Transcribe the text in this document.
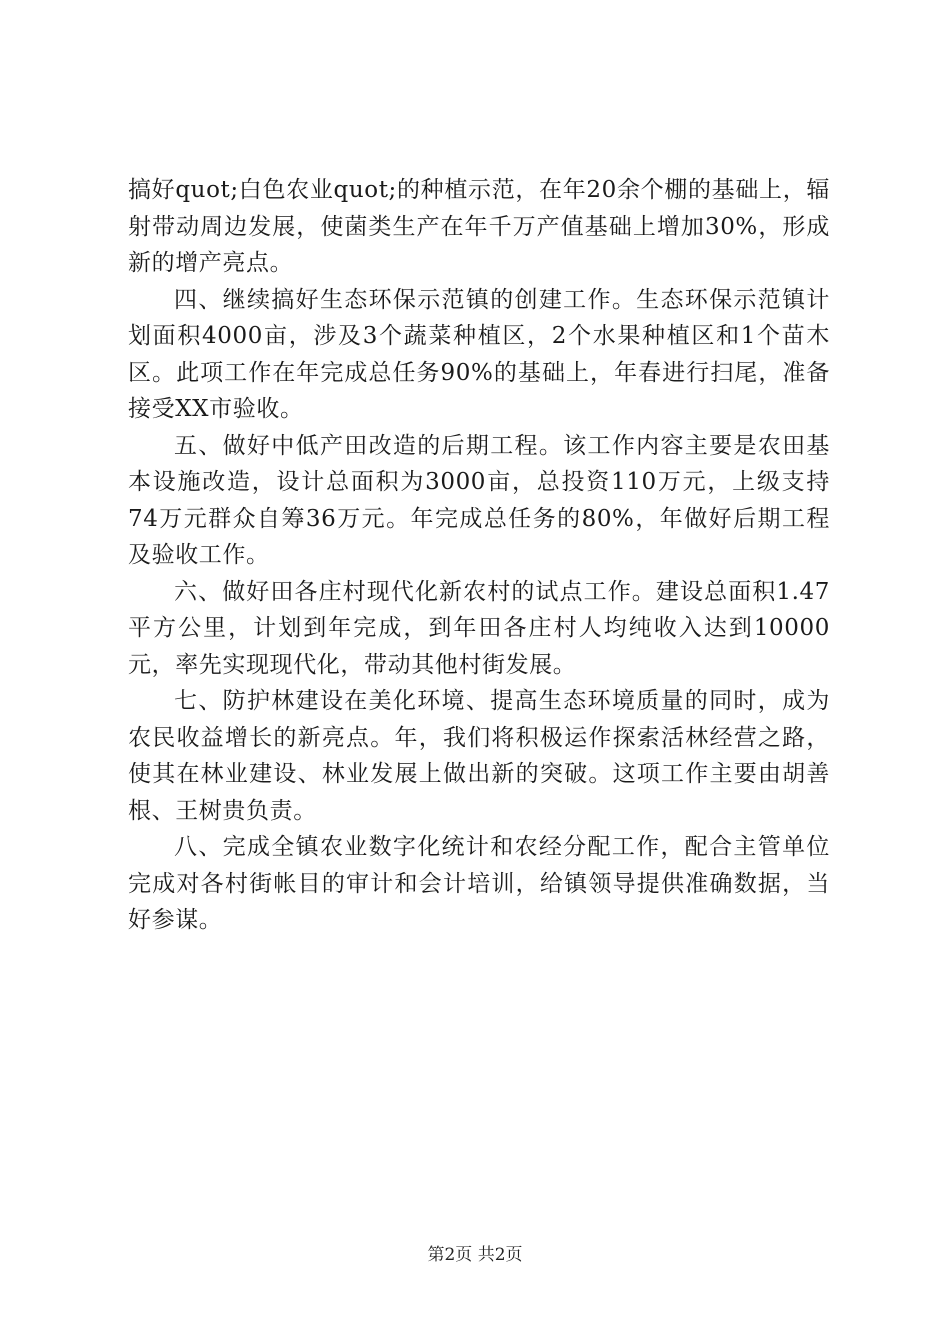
搞好quot;白色农业quot;的种植示范，在年20余个棚的基础上，辐射带动周边发展，使菌类生产在年千万产值基础上增加30%，形成新的增产亮点。

四、继续搞好生态环保示范镇的创建工作。生态环保示范镇计划面积4000亩，涉及3个蔬菜种植区，2个水果种植区和1个苗木区。此项工作在年完成总任务90%的基础上，年春进行扫尾，准备接受XX市验收。

五、做好中低产田改造的后期工程。该工作内容主要是农田基本设施改造，设计总面积为3000亩，总投资110万元，上级支持74万元群众自筹36万元。年完成总任务的80%，年做好后期工程及验收工作。

六、做好田各庄村现代化新农村的试点工作。建设总面积1.47平方公里，计划到年完成，到年田各庄村人均纯收入达到10000元，率先实现现代化，带动其他村街发展。

七、防护林建设在美化环境、提高生态环境质量的同时，成为农民收益增长的新亮点。年，我们将积极运作探索活林经营之路，使其在林业建设、林业发展上做出新的突破。这项工作主要由胡善根、王树贵负责。

八、完成全镇农业数字化统计和农经分配工作，配合主管单位完成对各村街帐目的审计和会计培训，给镇领导提供准确数据，当好参谋。

第2页 共2页
